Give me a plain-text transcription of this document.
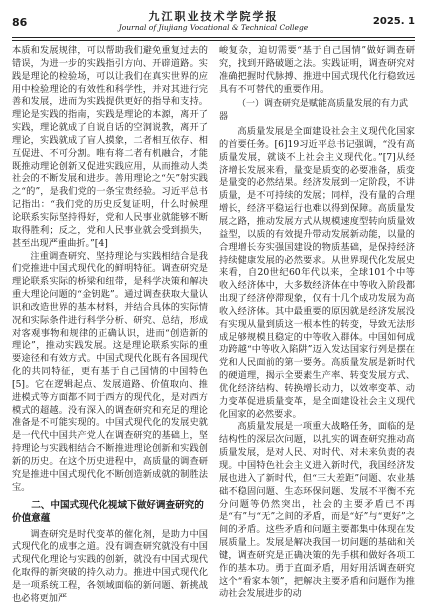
86	九江职业技术学院学报
Journal of Jiujiang Vocational & Technical College
2025. 1

本质和发展规律，可以帮助我们避免重复过去的错误，为进一步的实践指引方向、开辟道路。实践是理论的检验场，可以让我们在真实世界的应用中检验理论的有效性和科学性，并对其进行完善和发展，进而为实践提供更好的指导和支持。理论是实践的指南，实践是理论的本源，离开了实践，理论就成了自说自话的空洞说教，离开了理论，实践就成了盲人摸象，二者相互依存、相互促进、不可分割。唯有将二者有机融合，才能既推动理论创新又促进实践应用，从而推动人类社会的不断发展和进步。善用理论之“矢”射实践之“的”，是我们党的一条宝贵经验。习近平总书记指出：“我们党的历史反复证明，什么时候理论联系实际坚持得好，党和人民事业就能够不断取得胜利；反之，党和人民事业就会受到损失，甚至出现严重曲折。”[4]

注重调查研究、坚持理论与实践相结合是我们党推进中国式现代化的鲜明特征。调查研究是理论联系实际的桥梁和纽带，是科学决策和解决重大理论问题的“金钥匙”。通过调查获取大量认识和改造世界的基本材料，并结合具体的实际情况和实际条件进行科学分析、研究、总结，形成对客观事物和规律的正确认识，进而“创造新的理论”，推动实践发展。这是理论联系实际的重要途径和有效方式。中国式现代化既有各国现代化的共同特征，更有基于自己国情的中国特色[5]。它在逻辑起点、发展道路、价值取向、推进模式等方面都不同于西方的现代化，是对西方模式的超越。没有深入的调查研究和充足的理论准备是不可能实现的。中国式现代化的发展史就是一代代中国共产党人在调查研究的基础上，坚持理论与实践相结合不断推进理论创新和实践创新的历史。在这个历史进程中，高质量的调查研究是推进中国式现代化不断创造新成就的制胜法宝。

二、中国式现代化视域下做好调查研究的价值意蕴

调查研究是时代变革的催化剂，是助力中国式现代化的成事之道。没有调查研究就没有中国式现代化理论与实践的创新，就没有中国式现代化取得的新突破的持久动力。推进中国式现代化是一项系统工程，各领域面临的新问题、新挑战也必将更加严

峻复杂，迫切需要“基于自己国情”做好调查研究，找到开路破题之法。实践证明，调查研究对准确把握时代脉搏、推进中国式现代化行稳致远具有不可替代的重要作用。

（一）调查研究是赋能高质量发展的有力武器

高质量发展是全面建设社会主义现代化国家的首要任务。[6]19习近平总书记强调，“没有高质量发展，就谈不上社会主义现代化。”[7]从经济增长发展来看，量变是质变的必要准备，质变是量变的必然结果。经济发展到一定阶段，不讲质量，是不可持续的发展；同样，没有量的合理增长，经济平稳运行也难以得到保障。高质量发展之路，推动发展方式从规模速度型转向质量效益型，以质的有效提升带动发展新动能，以量的合理增长夯实强国建设的物质基础，是保持经济持续健康发展的必然要求。从世界现代化发展史来看，自20世纪60年代以来，全球101个中等收入经济体中，大多数经济体在中等收入阶段都出现了经济停滞现象，仅有十几个成功发展为高收入经济体。其中最重要的原因就是经济发展没有实现从量到质这一根本性的转变，导致无法形成足够规模且稳定的中等收入群体。中国如何成功跨越“中等收入陷阱”迈入发达国家行列是摆在党和人民面前的第一要务。高质量发展是新时代的硬道理，揭示全要素生产率、转变发展方式、优化经济结构、转换增长动力，以效率变革、动力变革促进质量变革，是全面建设社会主义现代化国家的必然要求。

高质量发展是一项重大战略任务，面临的是结构性的深层次问题，以扎实的调查研究推动高质量发展，是对人民、对时代、对未来负责的表现。中国特色社会主义进入新时代，我国经济发展也进入了新时代，但“三大差距”问题、农业基础不稳固问题、生态环保问题、发展不平衡不充分问题等仍然突出，社会的主要矛盾已不再是“有”与“无”之间的矛盾，而是“好”与“更好”之间的矛盾。这些矛盾和问题主要都集中体现在发展质量上。发展是解决我国一切问题的基础和关键，调查研究是正确决策的先手棋和做好各项工作的基本功。勇于直面矛盾，用好用活调查研究这个“看家本领”，把解决主要矛盾和问题作为推动社会发展进步的动
